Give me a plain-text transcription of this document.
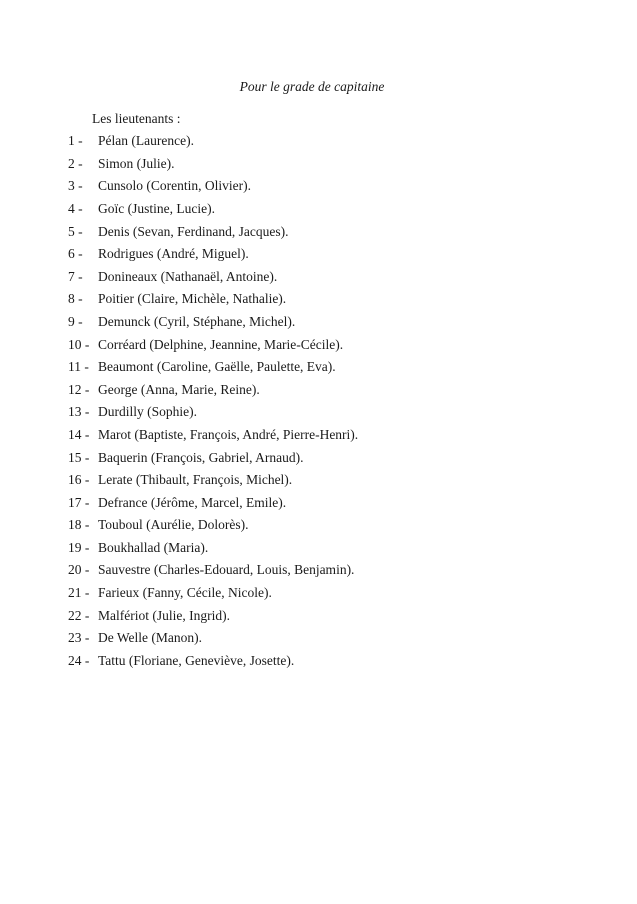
Pour le grade de capitaine
Les lieutenants :
1 -	Pélan (Laurence).
2 -	Simon (Julie).
3 -	Cunsolo (Corentin, Olivier).
4 -	Goïc (Justine, Lucie).
5 -	Denis (Sevan, Ferdinand, Jacques).
6 -	Rodrigues (André, Miguel).
7 -	Donineaux (Nathanaël, Antoine).
8 -	Poitier (Claire, Michèle, Nathalie).
9 -	Demunck (Cyril, Stéphane, Michel).
10 - Corréard (Delphine, Jeannine, Marie-Cécile).
11 - Beaumont (Caroline, Gaëlle, Paulette, Eva).
12 - George (Anna, Marie, Reine).
13 - Durdilly (Sophie).
14 - Marot (Baptiste, François, André, Pierre-Henri).
15 - Baquerin (François, Gabriel, Arnaud).
16 - Lerate (Thibault, François, Michel).
17 - Defrance (Jérôme, Marcel, Emile).
18 - Touboul (Aurélie, Dolorès).
19 - Boukhallad (Maria).
20 - Sauvestre (Charles-Edouard, Louis, Benjamin).
21 - Farieux (Fanny, Cécile, Nicole).
22 - Malfériot (Julie, Ingrid).
23 - De Welle (Manon).
24 - Tattu (Floriane, Geneviève, Josette).
